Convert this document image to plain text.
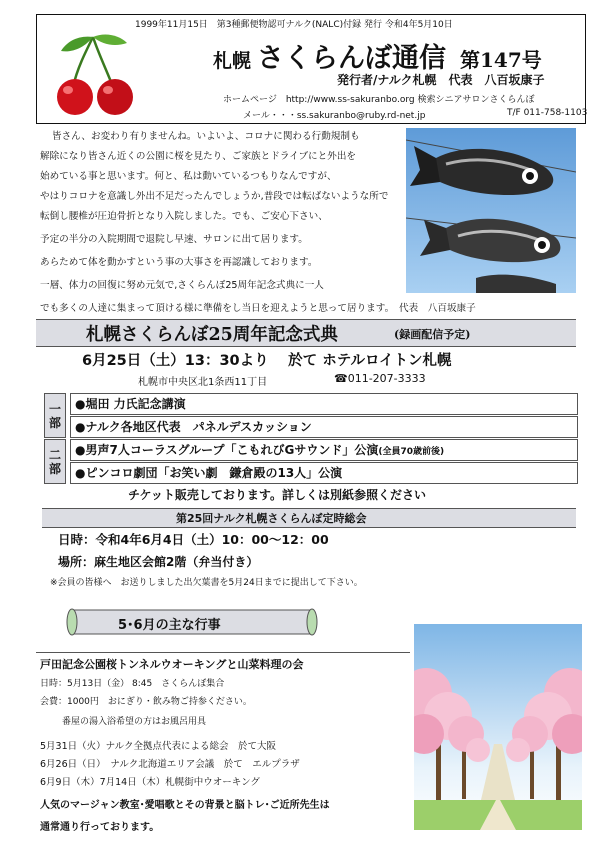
1999年11月15日　第3種郵便物認可ナルク(NALC)付録 発行 令和4年5月10日
札幌 さくらんぼ通信 第147号
発行者/ナルク札幌　代表　八百坂康子
ホームページ　http://www.ss-sakuranbo.org 検索シニアサロンさくらんぼ
メール・・・ss.sakuranbo@ruby.rd-net.jp	T/F 011-758-1103
皆さん、お変わり有りませんね。いよいよ、コロナに関わる行動規制も
解除になり皆さん近くの公園に桜を見たり、ご家族とドライブにと外出を
始めている事と思います。何と、私は動いているつもりなんですが、
やはりコロナを意識し外出不足だったんでしょうか,普段では転ばないような所で
転倒し腰椎が圧迫骨折となり入院しました。でも、ご安心下さい、
予定の半分の入院期間で退院し早速、サロンに出て居ります。
あらためて体を動かすという事の大事さを再認識しております。
一層、体力の回復に努め元気で,さくらんぼ25周年記念式典に一人
でも多くの人達に集まって頂ける様に準備をし当日を迎えようと思って居ります。　代表　八百坂康子
札幌さくらんぼ25周年記念式典	(録画配信予定)
6月25日（土）13：30より　 於て ホテルロイトン札幌
札幌市中央区北1条西11丁目	☎011-207-3333
一部
●堀田 力氏記念講演
●ナルク各地区代表　パネルデスカッション
二部
●男声7人コーラスグループ「こもれびGサウンド」公演(全員70歳前後)
●ピンコロ劇団「お笑い劇　鎌倉殿の13人」公演
チケット販売しております。詳しくは別紙参照ください
第25回ナルク札幌さくらんぼ定時総会
日時：令和4年6月4日（土）10：00～12：00
場所：麻生地区会館2階（弁当付き）
※会員の皆様へ　お送りしました出欠葉書を5月24日までに提出して下さい。
5･6月の主な行事
戸田記念公園桜トンネルウオーキングと山菜料理の会
日時：5月13日（金） 8:45　さくらんぼ集合
会費：1000円　おにぎり・飲み物ご持参ください。
番屋の湯入浴希望の方はお風呂用具
5月31日（火）ナルク全拠点代表による総会　於て大阪
6月26日（日）　ナルク北海道エリア会議　於て　エルプラザ
6月9日（木）7月14日（木）札幌街中ウオーキング
人気のマージャン教室･愛唱歌とその背景と脳トレ･ご近所先生は
通常通り行っております。
